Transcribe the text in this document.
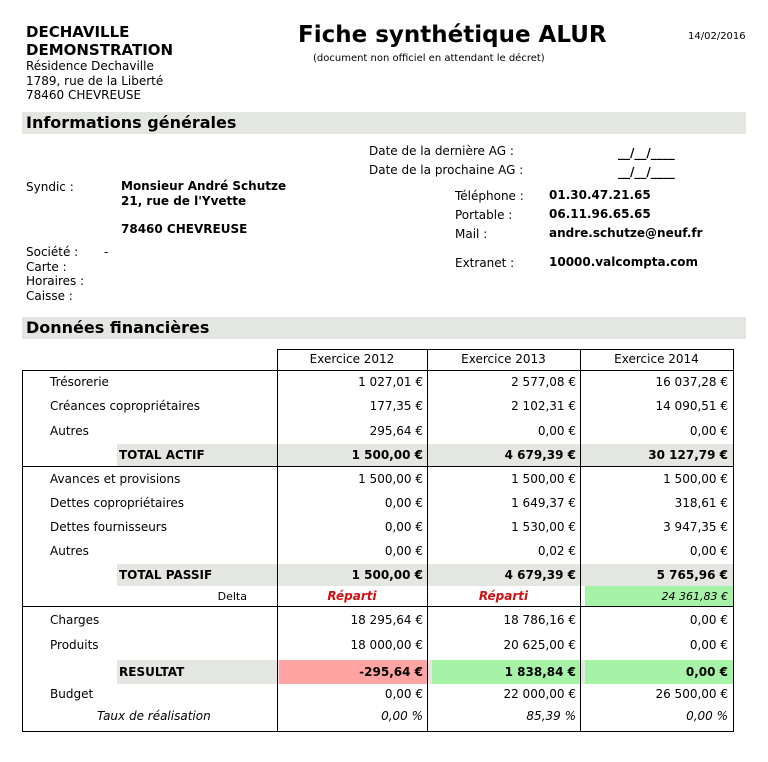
DECHAVILLE
DEMONSTRATION
Résidence Dechaville
1789, rue de la Liberté
78460 CHEVREUSE
Fiche synthétique ALUR
(document non officiel en attendant le décret)
14/02/2016
Informations générales
Date de la dernière AG :	__/__/____
Date de la prochaine AG :	__/__/____
Syndic :	Monsieur André Schutze
21, rue de l'Yvette
78460 CHEVREUSE
Téléphone : 01.30.47.21.65
Portable :	06.11.96.65.65
Mail :	andre.schutze@neuf.fr
Extranet :	10000.valcompta.com
Société : -
Carte :
Horaires :
Caisse :
Données financières
Exercice 2012	Exercice 2013	Exercice 2014
Trésorerie	1 027,01 €	2 577,08 €	16 037,28 €
Créances copropriétaires	177,35 €	2 102,31 €	14 090,51 €
Autres	295,64 €	0,00 €	0,00 €
TOTAL ACTIF	1 500,00 €	4 679,39 €	30 127,79 €
Avances et provisions	1 500,00 €	1 500,00 €	1 500,00 €
Dettes copropriétaires	0,00 €	1 649,37 €	318,61 €
Dettes fournisseurs	0,00 €	1 530,00 €	3 947,35 €
Autres	0,00 €	0,02 €	0,00 €
TOTAL PASSIF	1 500,00 €	4 679,39 €	5 765,96 €
Delta	Réparti	Réparti	24 361,83 €
Charges	18 295,64 €	18 786,16 €	0,00 €
Produits	18 000,00 €	20 625,00 €	0,00 €
RESULTAT	-295,64 €	1 838,84 €	0,00 €
Budget	0,00 €	22 000,00 €	26 500,00 €
Taux de réalisation	0,00 %	85,39 %	0,00 %
